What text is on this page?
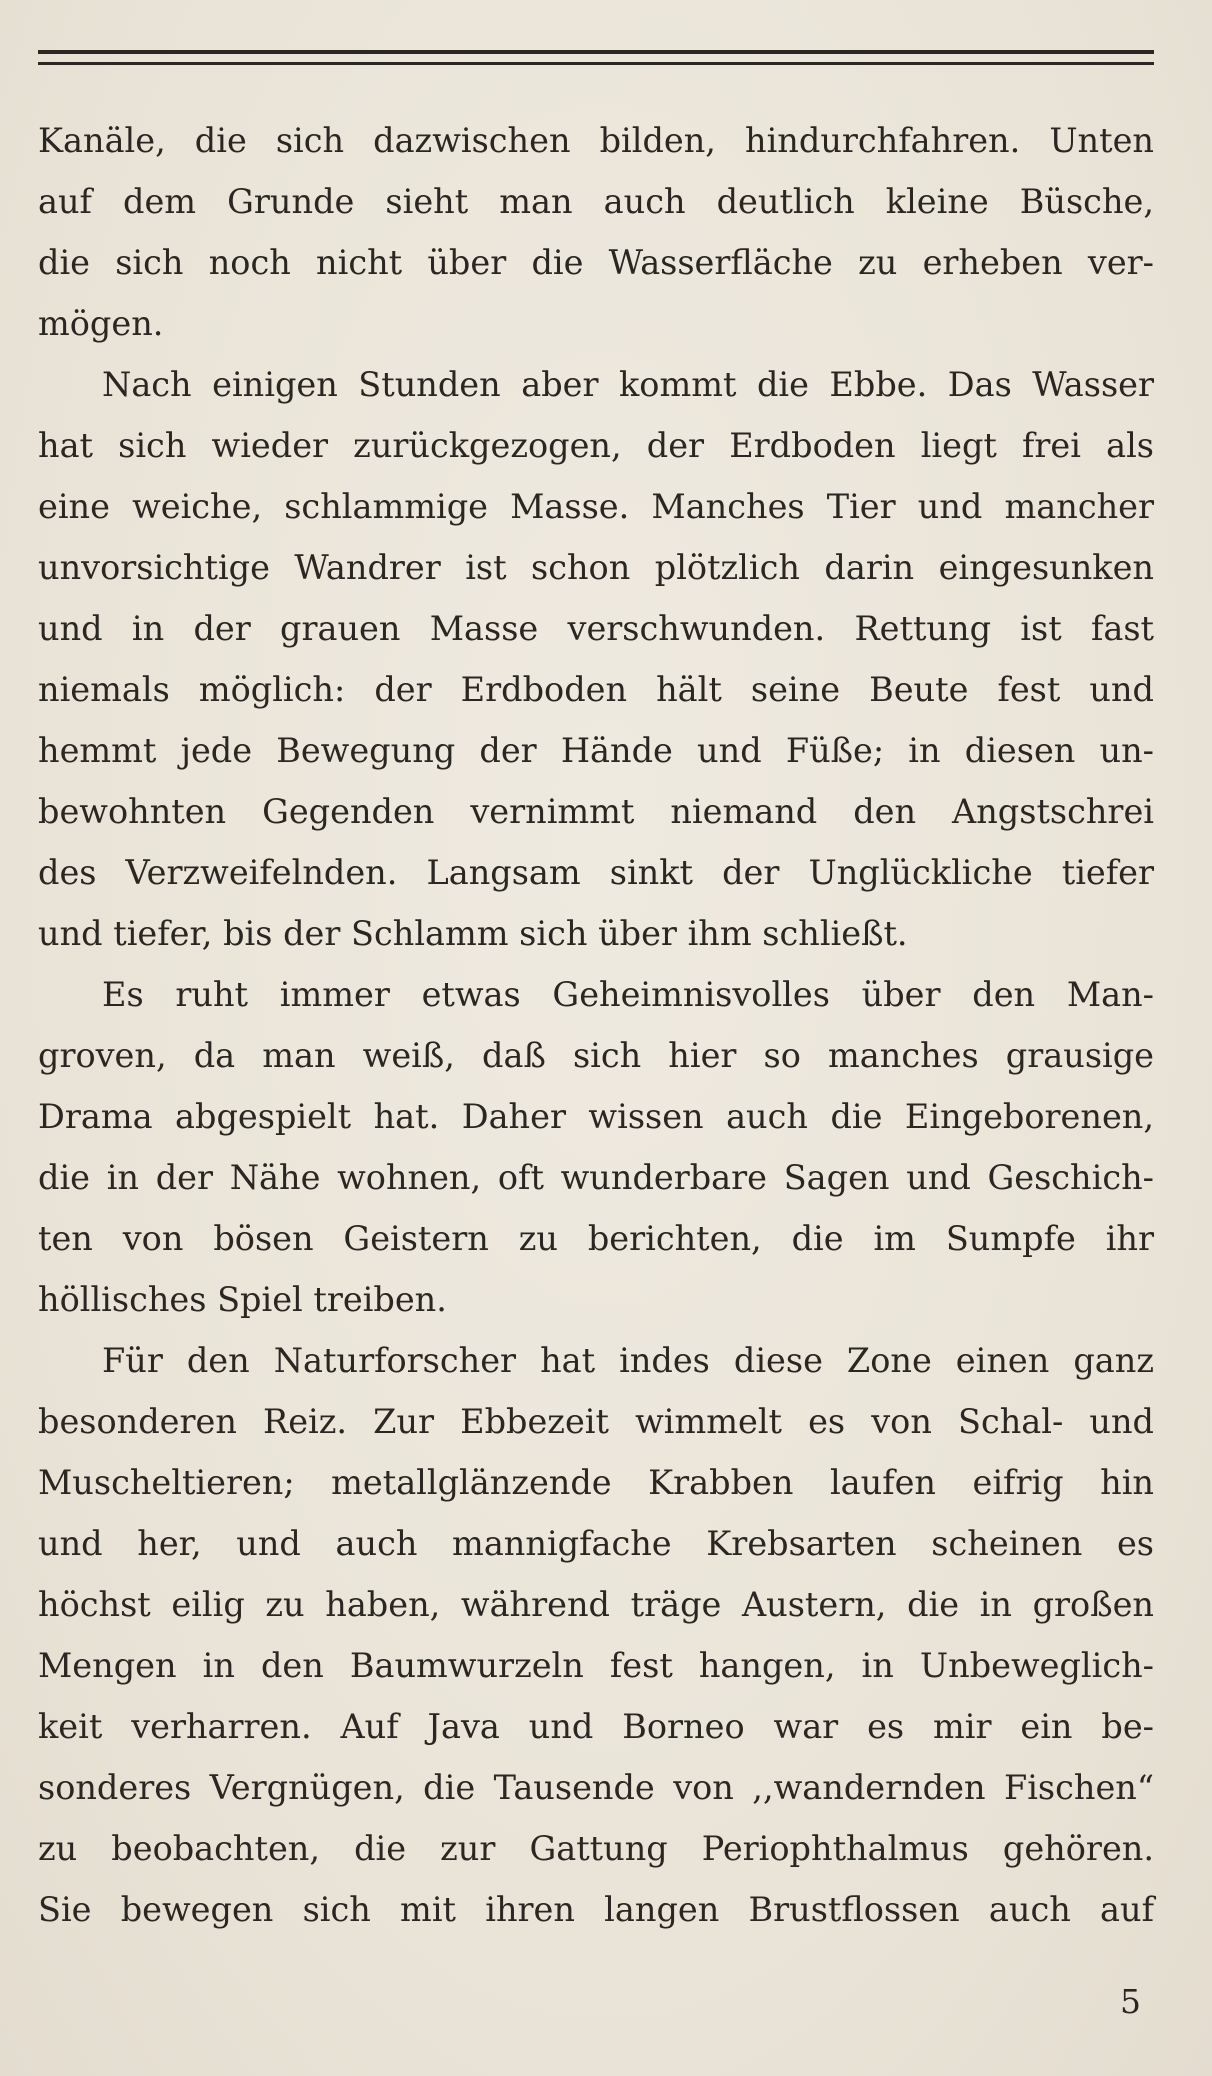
Kanäle, die sich dazwischen bilden, hindurchfahren. Unten
auf dem Grunde sieht man auch deutlich kleine Büsche,
die sich noch nicht über die Wasserfläche zu erheben ver-
mögen.
Nach einigen Stunden aber kommt die Ebbe. Das Wasser
hat sich wieder zurückgezogen, der Erdboden liegt frei als
eine weiche, schlammige Masse. Manches Tier und mancher
unvorsichtige Wandrer ist schon plötzlich darin eingesunken
und in der grauen Masse verschwunden. Rettung ist fast
niemals möglich: der Erdboden hält seine Beute fest und
hemmt jede Bewegung der Hände und Füße; in diesen un-
bewohnten Gegenden vernimmt niemand den Angstschrei
des Verzweifelnden. Langsam sinkt der Unglückliche tiefer
und tiefer, bis der Schlamm sich über ihm schließt.
Es ruht immer etwas Geheimnisvolles über den Man-
groven, da man weiß, daß sich hier so manches grausige
Drama abgespielt hat. Daher wissen auch die Eingeborenen,
die in der Nähe wohnen, oft wunderbare Sagen und Geschich-
ten von bösen Geistern zu berichten, die im Sumpfe ihr
höllisches Spiel treiben.
Für den Naturforscher hat indes diese Zone einen ganz
besonderen Reiz. Zur Ebbezeit wimmelt es von Schal- und
Muscheltieren; metallglänzende Krabben laufen eifrig hin
und her, und auch mannigfache Krebsarten scheinen es
höchst eilig zu haben, während träge Austern, die in großen
Mengen in den Baumwurzeln fest hangen, in Unbeweglich-
keit verharren. Auf Java und Borneo war es mir ein be-
sonderes Vergnügen, die Tausende von ,,wandernden Fischen“
zu beobachten, die zur Gattung Periophthalmus gehören.
Sie bewegen sich mit ihren langen Brustflossen auch auf
5
